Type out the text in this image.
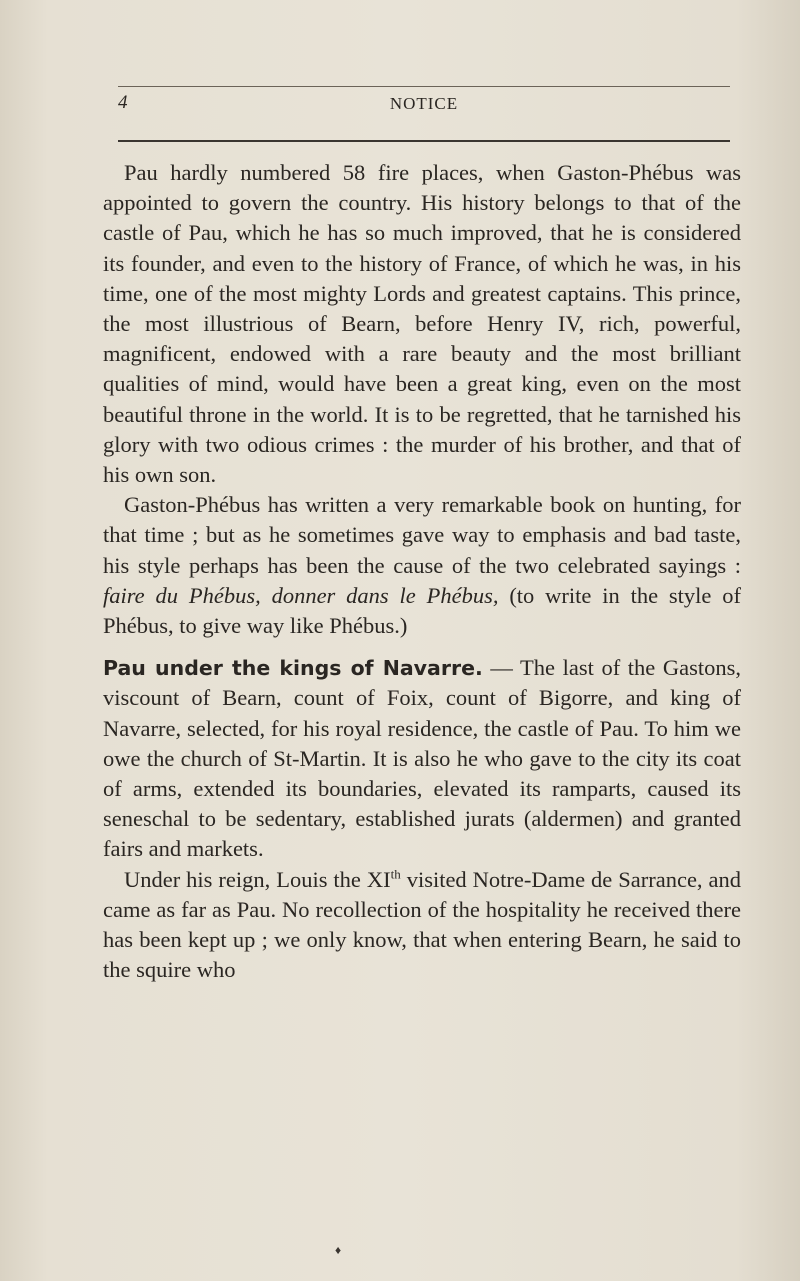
4	NOTICE

Pau hardly numbered 58 fire places, when Gaston-Phébus was appointed to govern the country. His history belongs to that of the castle of Pau, which he has so much improved, that he is considered its founder, and even to the history of France, of which he was, in his time, one of the most mighty Lords and greatest captains. This prince, the most illustrious of Bearn, before Henry IV, rich, powerful, magnificent, endowed with a rare beauty and the most brilliant qualities of mind, would have been a great king, even on the most beautiful throne in the world. It is to be regretted, that he tarnished his glory with two odious crimes : the murder of his brother, and that of his own son.

Gaston-Phébus has written a very remarkable book on hunting, for that time ; but as he sometimes gave way to emphasis and bad taste, his style perhaps has been the cause of the two celebrated sayings : faire du Phébus, donner dans le Phébus, (to write in the style of Phébus, to give way like Phébus.)

Pau under the kings of Navarre. — The last of the Gastons, viscount of Bearn, count of Foix, count of Bigorre, and king of Navarre, selected, for his royal residence, the castle of Pau. To him we owe the church of St-Martin. It is also he who gave to the city its coat of arms, extended its boundaries, elevated its ramparts, caused its seneschal to be sedentary, established jurats (aldermen) and granted fairs and markets.

Under his reign, Louis the XIth visited Notre-Dame de Sarrance, and came as far as Pau. No recollection of the hospitality he received there has been kept up ; we only know, that when entering Bearn, he said to the squire who

♦
